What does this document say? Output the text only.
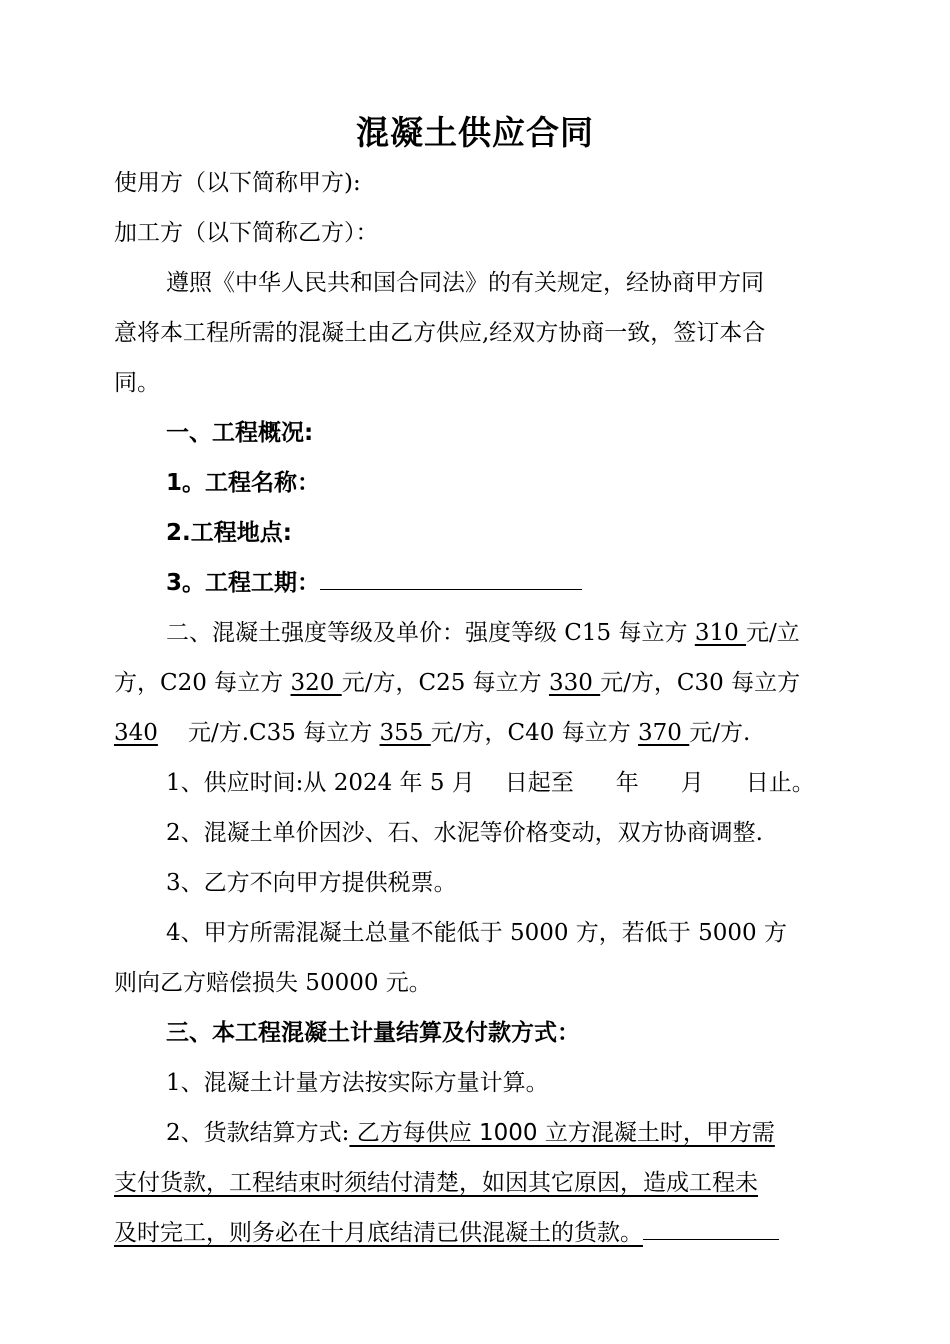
混凝土供应合同
使用方（以下简称甲方):
加工方（以下简称乙方）：
遵照《中华人民共和国合同法》的有关规定，经协商甲方同
意将本工程所需的混凝土由乙方供应,经双方协商一致，签订本合
同。
一、工程概况:
1。工程名称：
2.工程地点:
3。工程工期：
二、混凝土强度等级及单价：强度等级 C15 每立方 310 元/立
方，C20 每立方 320 元/方，C25 每立方 330 元/方，C30 每立方
340 元/方.C35 每立方 355 元/方，C40 每立方 370 元/方.
1、供应时间:从 2024 年 5 月 日起至 年 月 日止。
2、混凝土单价因沙、石、水泥等价格变动，双方协商调整.
3、乙方不向甲方提供税票。
4、甲方所需混凝土总量不能低于 5000 方，若低于 5000 方
则向乙方赔偿损失 50000 元。
三、本工程混凝土计量结算及付款方式：
1、混凝土计量方法按实际方量计算。
2、货款结算方式: 乙方每供应 1000 立方混凝土时，甲方需
支付货款，工程结束时须结付清楚，如因其它原因，造成工程未
及时完工，则务必在十月底结清已供混凝土的货款。
